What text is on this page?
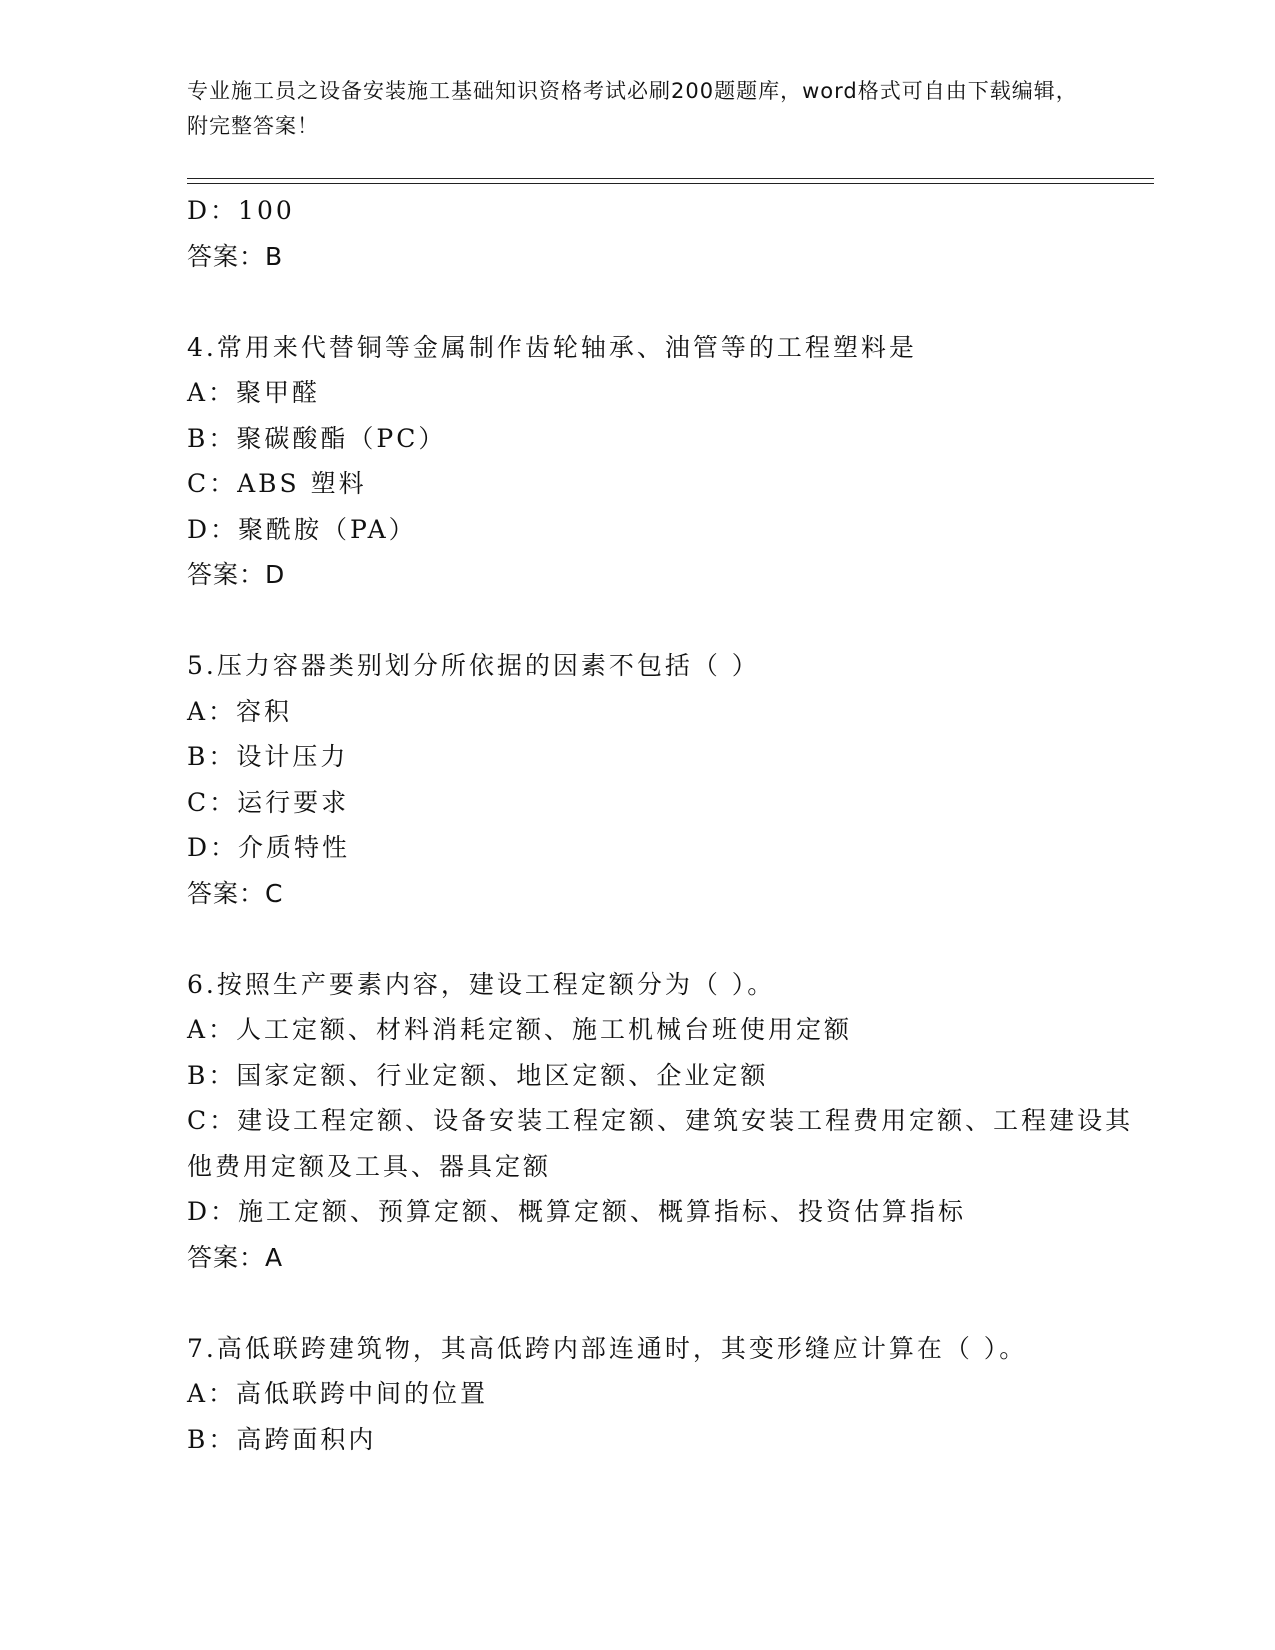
专业施工员之设备安装施工基础知识资格考试必刷200题题库，word格式可自由下载编辑，附完整答案！
D：100
答案：B
4.常用来代替铜等金属制作齿轮轴承、油管等的工程塑料是
A：聚甲醛
B：聚碳酸酯（PC）
C：ABS 塑料
D：聚酰胺（PA）
答案：D
5.压力容器类别划分所依据的因素不包括（ ）
A：容积
B：设计压力
C：运行要求
D：介质特性
答案：C
6.按照生产要素内容，建设工程定额分为（ ）。
A：人工定额、材料消耗定额、施工机械台班使用定额
B：国家定额、行业定额、地区定额、企业定额
C：建设工程定额、设备安装工程定额、建筑安装工程费用定额、工程建设其他费用定额及工具、器具定额
D：施工定额、预算定额、概算定额、概算指标、投资估算指标
答案：A
7.高低联跨建筑物，其高低跨内部连通时，其变形缝应计算在（ ）。
A：高低联跨中间的位置
B：高跨面积内
